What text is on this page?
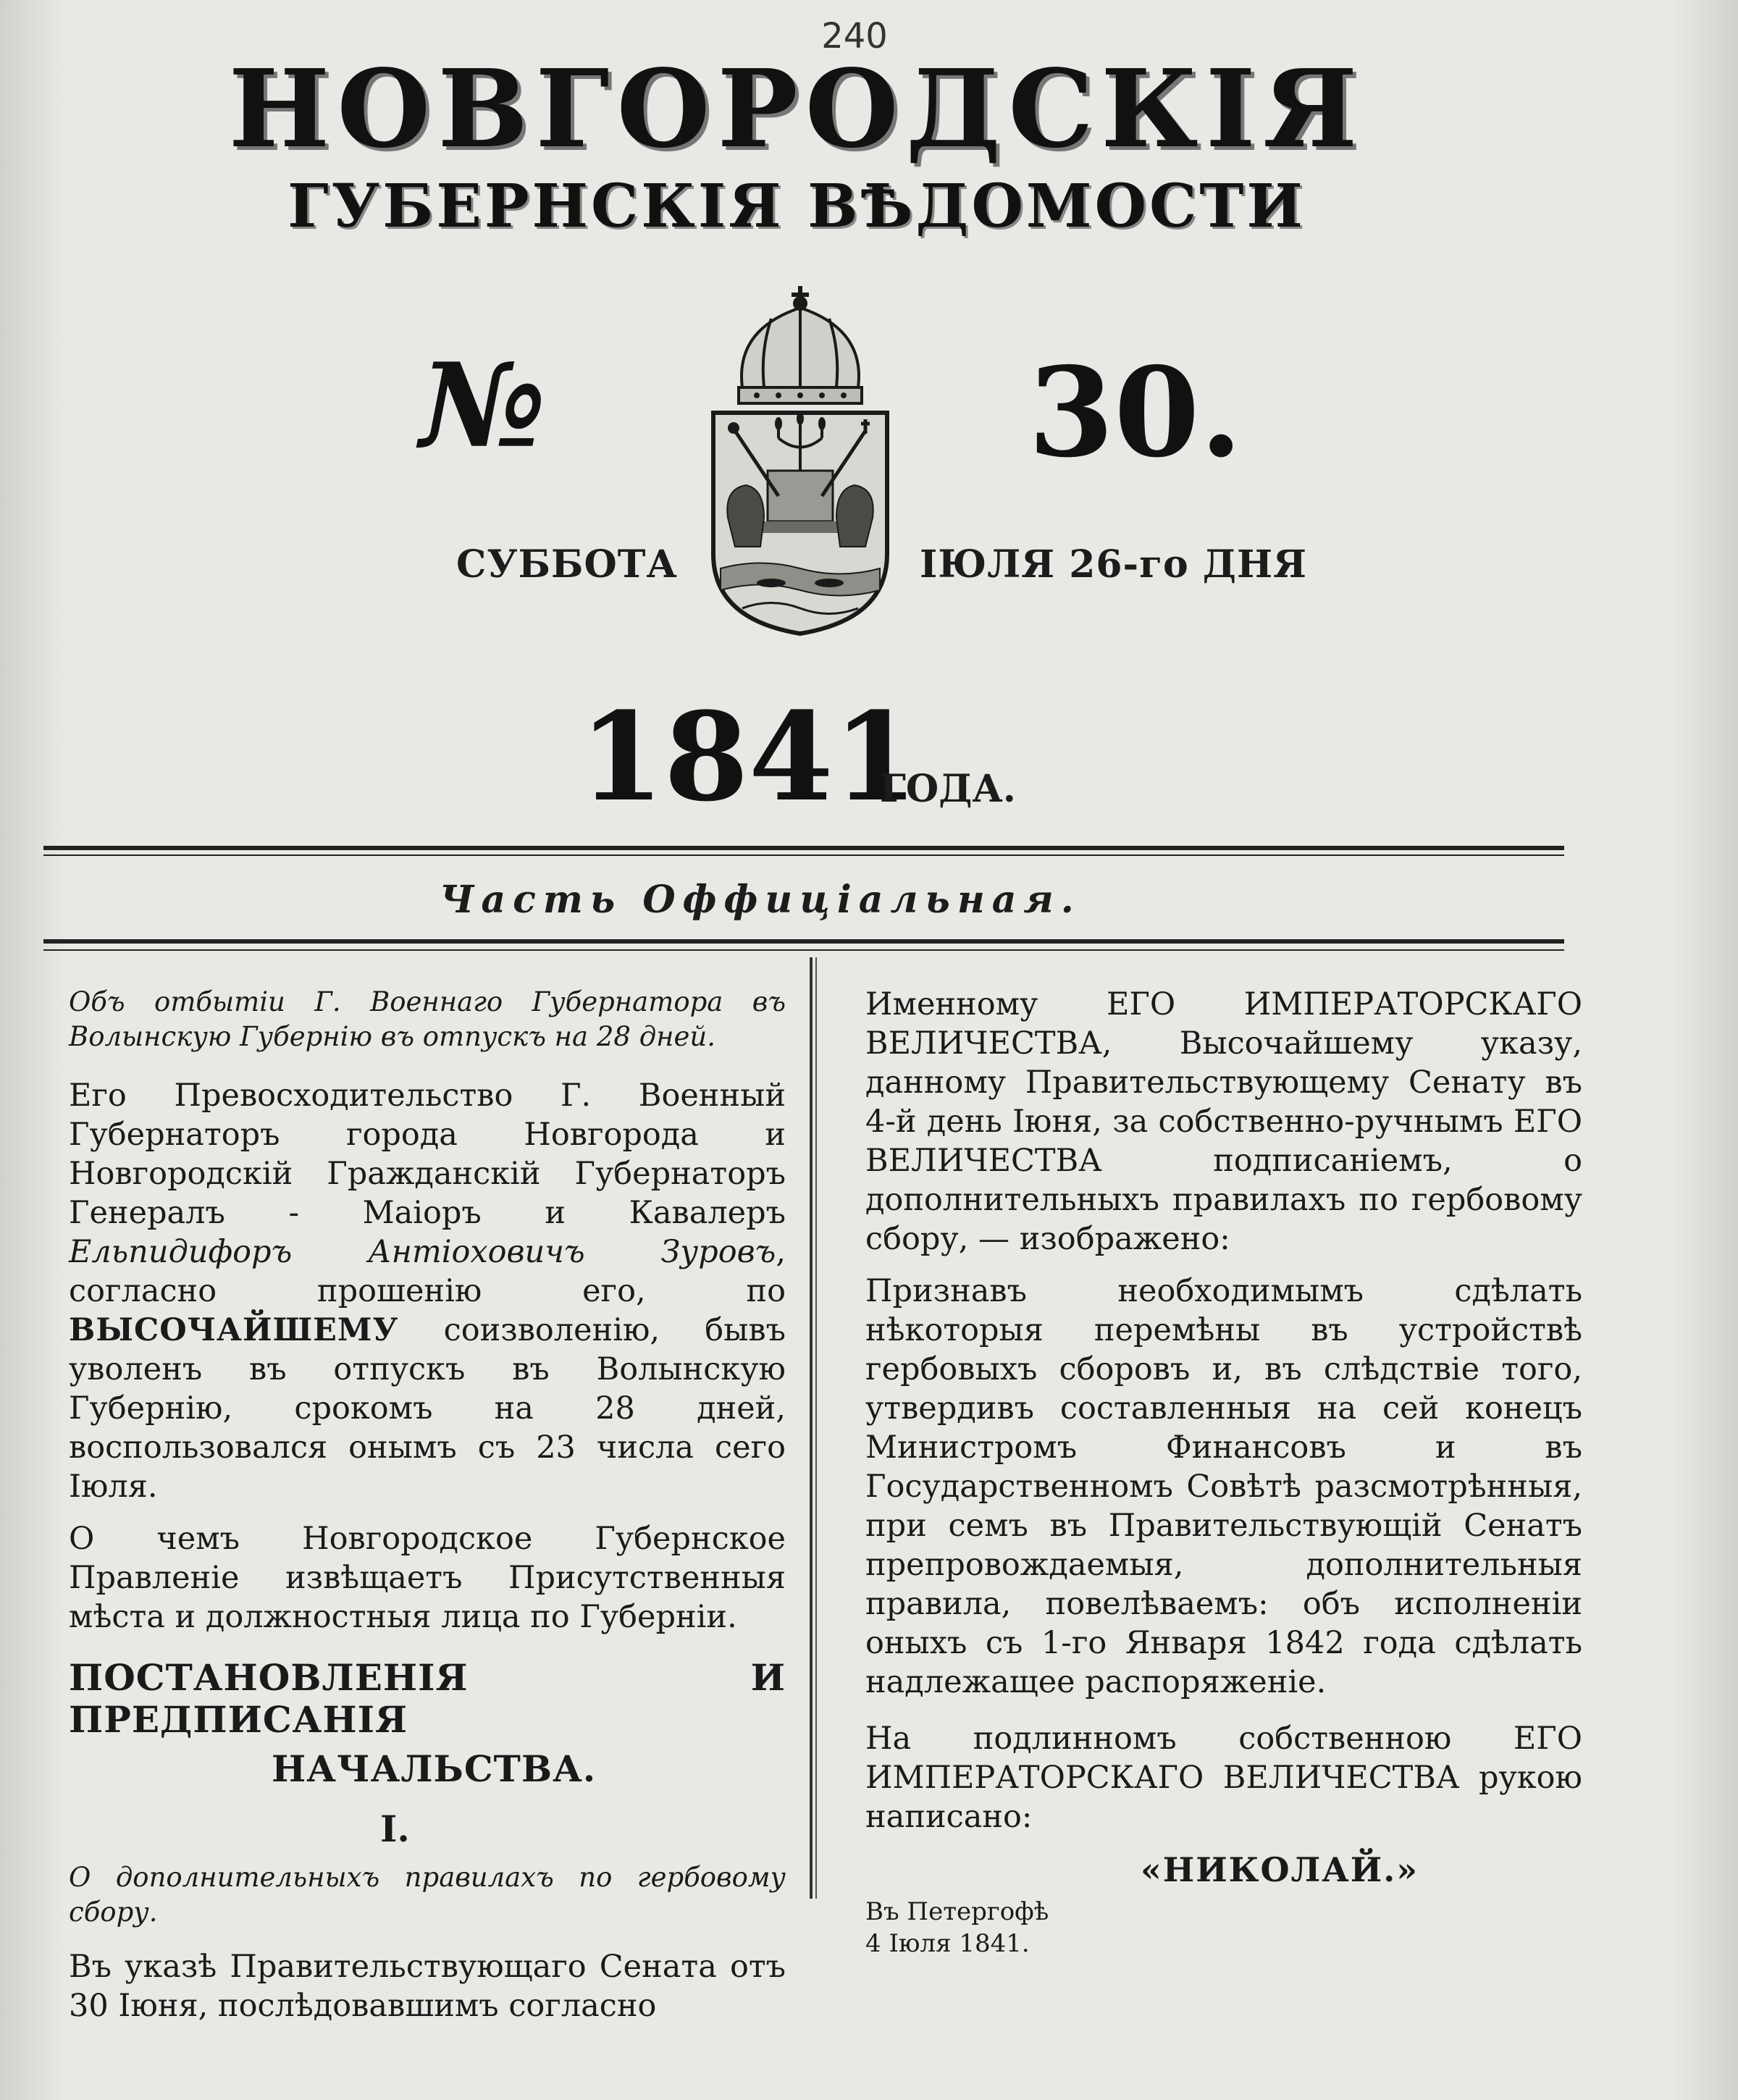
240
НОВГОРОДСКІЯ
ГУБЕРНСКІЯ ВѢДОМОСТИ
№	30.
СУББОТА	ІЮЛЯ 26-го ДНЯ
1841
ГОДА.
Часть Оффиціальная.

Объ отбытіи Г. Военнаго Губернатора въ Волынскую Губернію въ отпускъ на 28 дней.

Его Превосходительство Г. Военный Губернаторъ города Новгорода и Новгородскій Гражданскій Губернаторъ Генералъ - Маіоръ и Кавалеръ Ельпидифоръ Антіоховичъ Зуровъ, согласно прошенію его, по ВЫСОЧАЙШЕМУ соизволенію, бывъ уволенъ въ отпускъ въ Волынскую Губернію, срокомъ на 28 дней, воспользовался онымъ съ 23 числа сего Іюля.

О чемъ Новгородское Губернское Правленіе извѣщаетъ Присутственныя мѣста и должностныя лица по Губерніи.

ПОСТАНОВЛЕНІЯ И ПРЕДПИСАНІЯ

НАЧАЛЬСТВА.

I.

О дополнительныхъ правилахъ по гербовому сбору.

Въ указѣ Правительствующаго Сената отъ 30 Іюня, послѣдовавшимъ согласно

Именному ЕГО ИМПЕРАТОРСКАГО ВЕЛИЧЕСТВА, Высочайшему указу, данному Правительствующему Сенату въ 4-й день Іюня, за собственно-ручнымъ ЕГО ВЕЛИЧЕСТВА подписаніемъ, о дополнительныхъ правилахъ по гербовому сбору, — изображено:

Признавъ необходимымъ сдѣлать нѣкоторыя перемѣны въ устройствѣ гербовыхъ сборовъ и, въ слѣдствіе того, утвердивъ составленныя на сей конецъ Министромъ Финансовъ и въ Государственномъ Совѣтѣ разсмотрѣнныя, при семъ въ Правительствующій Сенатъ препровождаемыя, дополнительныя правила, повелѣваемъ: объ исполненіи оныхъ съ 1-го Января 1842 года сдѣлать надлежащее распоряженіе.

На подлинномъ собственною ЕГО ИМПЕРАТОРСКАГО ВЕЛИЧЕСТВА рукою написано:

«НИКОЛАЙ.»

Въ Петергофѣ

4 Іюля 1841.
